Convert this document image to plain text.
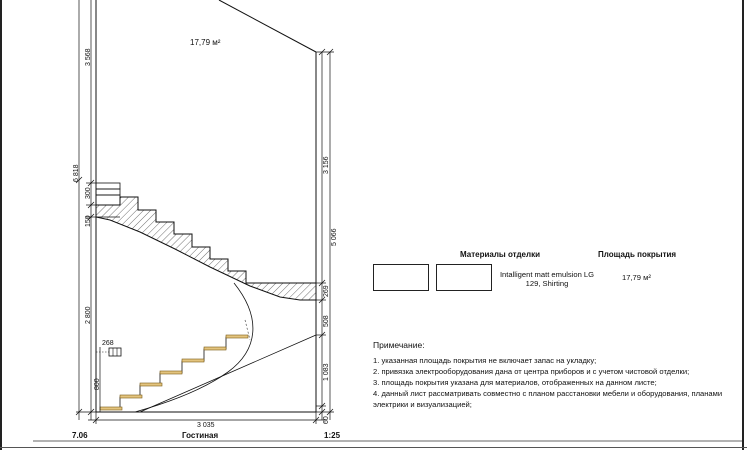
17,79 м²
Гостиная
7.06	1:25
6 818
3 568
300
150
2 800
800
268
5 066
3 156
269
508
1 083
60
3 035
Материалы отделки	Площадь покрытия
Intalligent matt emulsion LG 129, Shirting
17,79 м²
Примечание:
1. указанная площадь покрытия не включает запас на укладку;
2. привязка электрооборудования дана от центра приборов и с учетом чистовой отделки;
3. площадь покрытия указана для материалов, отображенных на данном листе;
4. данный лист рассматривать совместно с планом расстановки мебели и оборудования, планами электрики и визуализацией;
